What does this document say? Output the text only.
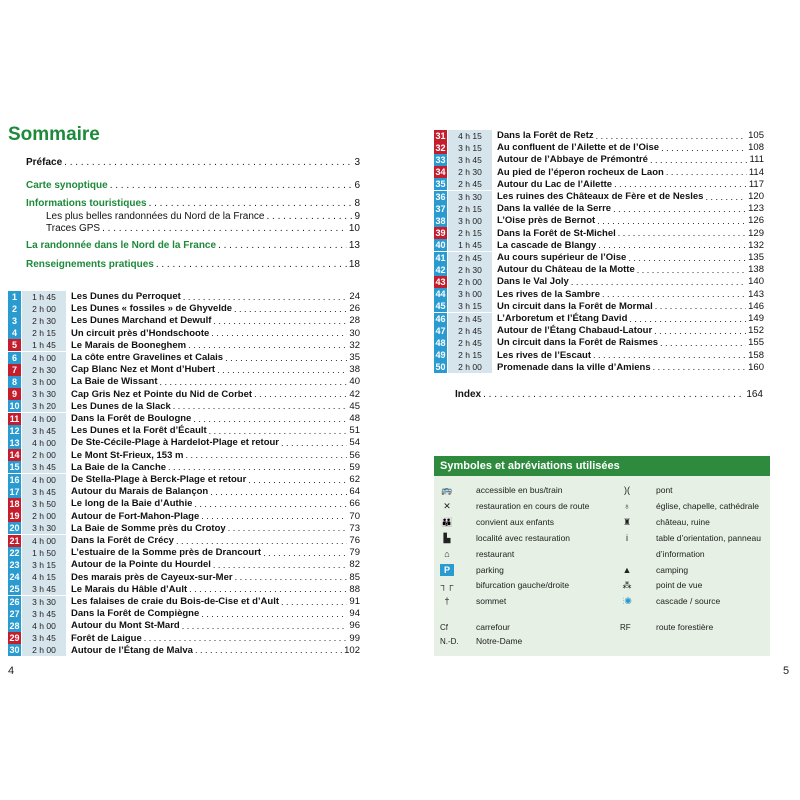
Sommaire
Préface . . .	3
Carte synoptique . . .	6
Informations touristiques . . .	8
Les plus belles randonnées du Nord de la France . . .	9
Traces GPS . . .	10
La randonnée dans le Nord de la France . . .	13
Renseignements pratiques . . .	18
1	1 h 45	Les Dunes du Perroquet . . .	24
2	2 h 00	Les Dunes « fossiles » de Ghyvelde . . .	26
3	2 h 30	Les Dunes Marchand et Dewulf . . .	28
4	2 h 15	Un circuit près d’Hondschoote . . .	30
5	1 h 45	Le Marais de Booneghem . . .	32
6	4 h 00	La côte entre Gravelines et Calais . . .	35
7	2 h 30	Cap Blanc Nez et Mont d’Hubert . . .	38
8	3 h 00	La Baie de Wissant . . .	40
9	3 h 30	Cap Gris Nez et Pointe du Nid de Corbet . . .	42
10	3 h 20	Les Dunes de la Slack . . .	45
11	4 h 00	Dans la Forêt de Boulogne . . .	48
12	3 h 45	Les Dunes et la Forêt d’Écault . . .	51
13	4 h 00	De Ste-Cécile-Plage à Hardelot-Plage et retour . . .	54
14	2 h 00	Le Mont St-Frieux, 153 m . . .	56
15	3 h 45	La Baie de la Canche . . .	59
16	4 h 00	De Stella-Plage à Berck-Plage et retour . . .	62
17	3 h 45	Autour du Marais de Balançon . . .	64
18	3 h 50	Le long de la Baie d’Authie . . .	66
19	2 h 00	Autour de Fort-Mahon-Plage . . .	70
20	3 h 30	La Baie de Somme près du Crotoy . . .	73
21	4 h 00	Dans la Forêt de Crécy . . .	76
22	1 h 50	L’estuaire de la Somme près de Drancourt . . .	79
23	3 h 15	Autour de la Pointe du Hourdel . . .	82
24	4 h 15	Des marais près de Cayeux-sur-Mer . . .	85
25	3 h 45	Le Marais du Hâble d’Ault . . .	88
26	3 h 30	Les falaises de craie du Bois-de-Cise et d’Ault . . .	91
27	3 h 45	Dans la Forêt de Compiègne . . .	94
28	4 h 00	Autour du Mont St-Mard . . .	96
29	3 h 45	Forêt de Laigue . . .	99
30	2 h 00	Autour de l’Étang de Malva . . .	102
31	4 h 15	Dans la Forêt de Retz . . .	105
32	3 h 15	Au confluent de l’Ailette et de l’Oise . . .	108
33	3 h 45	Autour de l’Abbaye de Prémontré . . .	111
34	2 h 30	Au pied de l’éperon rocheux de Laon . . .	114
35	2 h 45	Autour du Lac de l’Ailette . . .	117
36	3 h 30	Les ruines des Châteaux de Fère et de Nesles . . .	120
37	2 h 15	Dans la vallée de la Serre . . .	123
38	3 h 00	L’Oise près de Bernot . . .	126
39	2 h 15	Dans la Forêt de St-Michel . . .	129
40	1 h 45	La cascade de Blangy . . .	132
41	2 h 45	Au cours supérieur de l’Oise . . .	135
42	2 h 30	Autour du Château de la Motte . . .	138
43	2 h 00	Dans le Val Joly . . .	140
44	3 h 00	Les rives de la Sambre . . .	143
45	3 h 15	Un circuit dans la Forêt de Mormal . . .	146
46	2 h 45	L’Arboretum et l’Étang David . . .	149
47	2 h 45	Autour de l’Étang Chabaud-Latour . . .	152
48	2 h 45	Un circuit dans la Forêt de Raismes . . .	155
49	2 h 15	Les rives de l’Escaut . . .	158
50	2 h 00	Promenade dans la ville d’Amiens . . .	160
Index . . .	164
Symboles et abréviations utilisées
🚌	accessible en bus/train
✕	restauration en cours de route
👪	convient aux enfants
▙	localité avec restauration
⌂	restaurant
P	parking
┐┌	bifurcation gauche/droite
†	sommet
Cf	carrefour
N.-D.	Notre-Dame
)(	pont
♁	église, chapelle, cathédrale
♜	château, ruine
i	table d’orientation, panneau
d’information
▲	camping
⁂	point de vue
⫶◉	cascade / source
RF	route forestière
4	5
